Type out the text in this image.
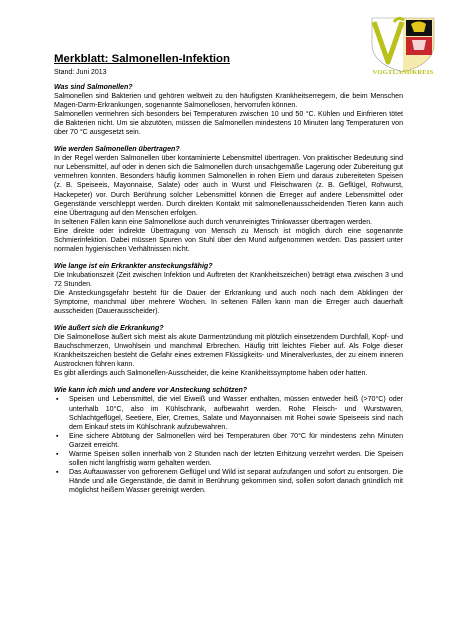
VOGTLANDKREIS
Merkblatt: Salmonellen-Infektion
Stand: Juni 2013
Was sind Salmonellen?

Salmonellen sind Bakterien und gehören weltweit zu den häufigsten Krankheitserregern, die beim Menschen Magen-Darm-Erkrankungen, sogenannte Salmonellosen, hervorrufen können.

Salmonellen vermehren sich besonders bei Temperaturen zwischen 10 und 50 °C. Kühlen und Einfrieren tötet die Bakterien nicht. Um sie abzutöten, müssen die Salmonellen mindestens 10 Minuten lang Temperaturen von über 70 °C ausgesetzt sein.

Wie werden Salmonellen übertragen?

In der Regel werden Salmonellen über kontaminierte Lebensmittel übertragen. Von praktischer Bedeutung sind nur Lebensmittel, auf oder in denen sich die Salmonellen durch unsachgemäße Lagerung oder Zubereitung gut vermehren konnten. Besonders häufig kommen Salmonellen in rohen Eiern und daraus zubereiteten Speisen (z. B. Speiseeis, Mayonnaise, Salate) oder auch in Wurst und Fleischwaren (z. B. Geflügel, Rohwurst, Hackepeter) vor. Durch Berührung solcher Lebensmittel können die Erreger auf andere Lebensmittel oder Gegenstände verschleppt werden. Durch direkten Kontakt mit salmonellenausscheidenden Tieren kann auch eine Übertragung auf den Menschen erfolgen.

In seltenen Fällen kann eine Salmonellose auch durch verunreinigtes Trinkwasser übertragen werden.

Eine direkte oder indirekte Übertragung von Mensch zu Mensch ist möglich durch eine sogenannte Schmierinfektion. Dabei müssen Spuren von Stuhl über den Mund aufgenommen werden. Das passiert unter normalen hygienischen Verhältnissen nicht.

Wie lange ist ein Erkrankter ansteckungsfähig?

Die Inkubationszeit (Zeit zwischen Infektion und Auftreten der Krankheitszeichen) beträgt etwa zwischen 3 und 72 Stunden.

Die Ansteckungsgefahr besteht für die Dauer der Erkrankung und auch noch nach dem Abklingen der Symptome, manchmal über mehrere Wochen. In seltenen Fällen kann man die Erreger auch dauerhaft ausscheiden (Dauerausscheider).

Wie äußert sich die Erkrankung?

Die Salmonellose äußert sich meist als akute Darmentzündung mit plötzlich einsetzendem Durchfall, Kopf- und Bauchschmerzen, Unwohlsein und manchmal Erbrechen. Häufig tritt leichtes Fieber auf. Als Folge dieser Krankheitszeichen besteht die Gefahr eines extremen Flüssigkeits- und Mineralverlustes, der zu einem inneren Austrocknen führen kann.

Es gibt allerdings auch Salmonellen-Ausscheider, die keine Krankheitssymptome haben oder hatten.

Wie kann ich mich und andere vor Ansteckung schützen?
▪ Speisen und Lebensmittel, die viel Eiweiß und Wasser enthalten, müssen entweder heiß (>70°C) oder unterhalb 10°C, also im Kühlschrank, aufbewahrt werden. Rohe Fleisch- und Wurstwaren, Schlachtgeflügel, Seetiere, Eier, Cremes, Salate und Mayonnaisen mit Rohei sowie Speiseeis sind nach dem Einkauf stets im Kühlschrank aufzubewahren.
▪ Eine sichere Abtötung der Salmonellen wird bei Temperaturen über 70°C für mindestens zehn Minuten Garzeit erreicht.
▪ Warme Speisen sollen innerhalb von 2 Stunden nach der letzten Erhitzung verzehrt werden. Die Speisen sollen nicht langfristig warm gehalten werden.
▪ Das Auftauwasser von gefrorenem Geflügel und Wild ist separat aufzufangen und sofort zu entsorgen. Die Hände und alle Gegenstände, die damit in Berührung gekommen sind, sollen sofort danach gründlich mit möglichst heißem Wasser gereinigt werden.
